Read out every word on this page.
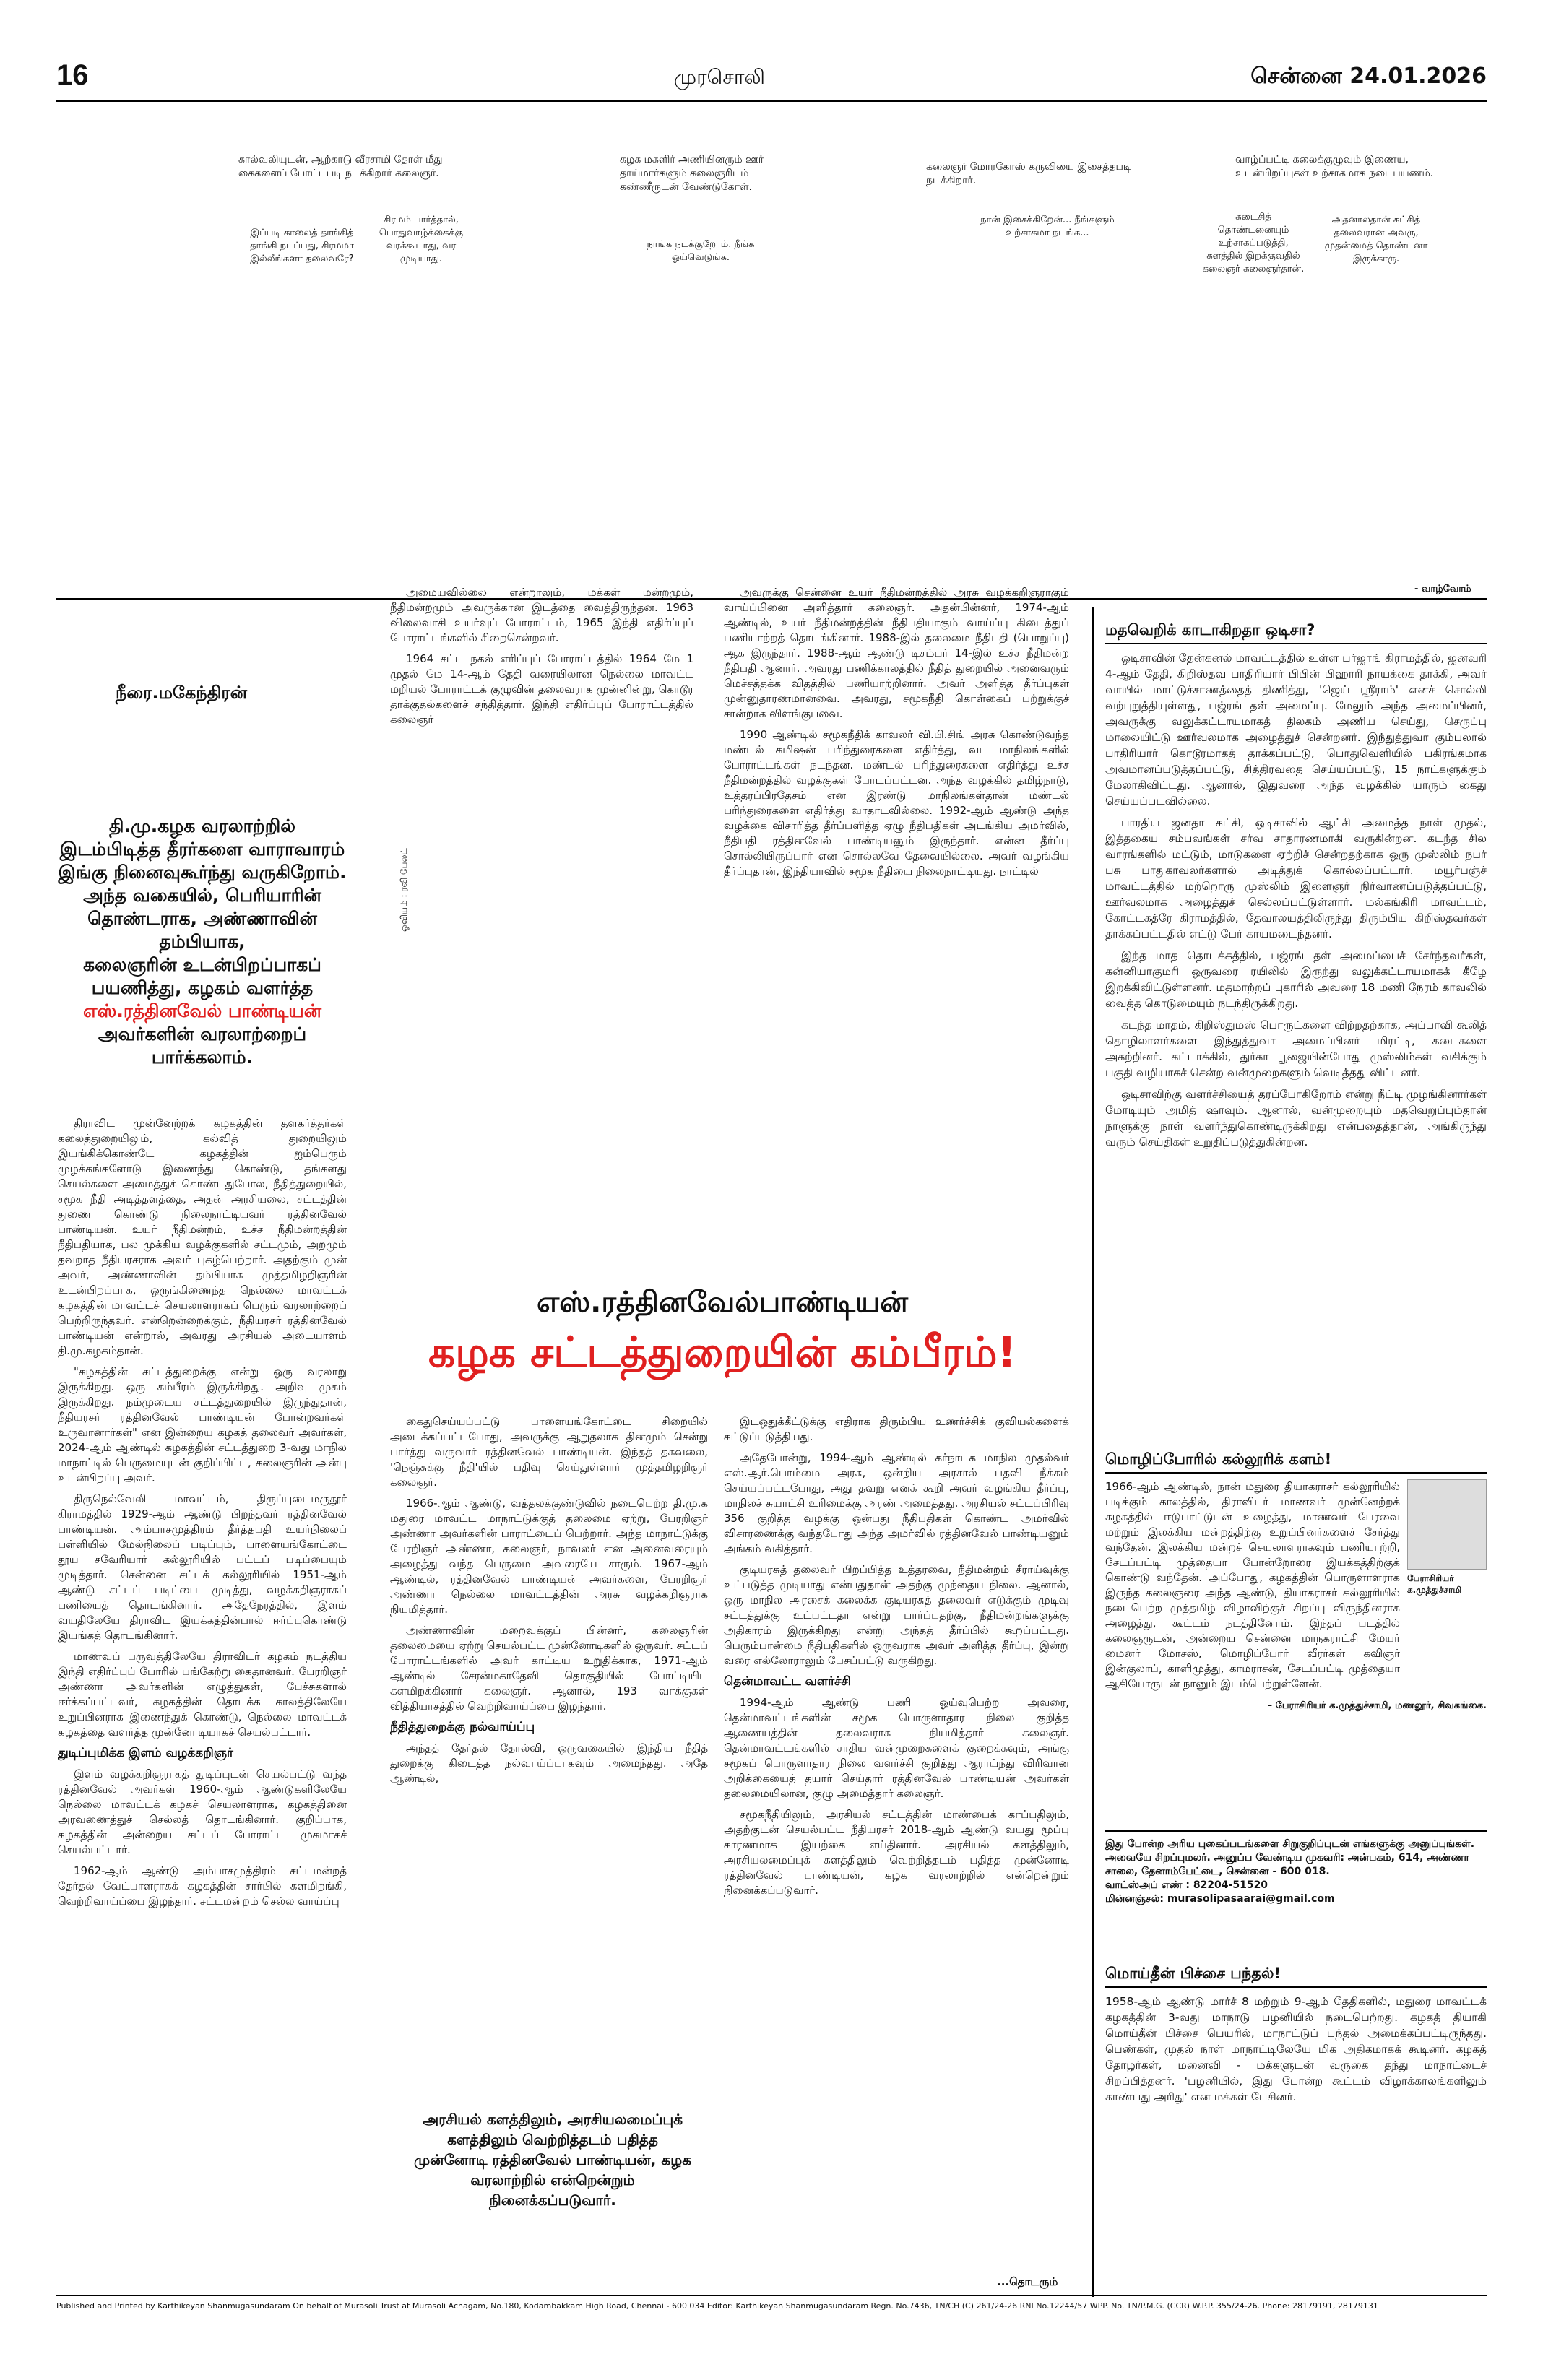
16	முரசொலி	சென்னை 24.01.2026
கால்வலியுடன், ஆற்காடு வீரசாமி தோள் மீது கைகளைப் போட்டபடி நடக்கிறார் கலைஞர்.
கழக மகளிர் அணியினரும் ஊர் தாய்மார்களும் கலைஞரிடம் கண்ணீருடன் வேண்டுகோள்.
கலைஞர் மோரகோஸ் கருவியை இசைத்தபடி நடக்கிறார்.
வாழ்ப்பட்டி கலைக்குழுவும் இணைய, உடன்பிறப்புகள் உற்சாகமாக நடைபயணம்.
இப்படி காலைத் தாங்கித் தாங்கி நடப்பது, சிரமமா இல்லீங்களா தலைவரே?
சிரமம் பார்த்தால், பொதுவாழ்க்கைக்கு வரக்கூடாது, வர முடியாது.
நாங்க நடக்குறோம். நீங்க ஓய்வெடுங்க.
நான் இசைக்கிறேன்... நீங்களும் உற்சாகமா நடங்க...
கடைசித் தொண்டனையும் உற்சாகப்படுத்தி, களத்தில் இறக்குவதில் கலைஞர் கலைஞர்தான்.
அதனாலதான் கட்சித் தலைவரான அவரு, முதன்மைத் தொண்டனா இருக்காரு.
- வாழ்வோம்
நீரை.மகேந்திரன்
தி.மு.கழக வரலாற்றில்
இடம்பிடித்த தீரர்களை வாராவாரம்
இங்கு நினைவுகூர்ந்து வருகிறோம்.
அந்த வகையில், பெரியாரின்
தொண்டராக, அண்ணாவின் தம்பியாக,
கலைஞரின் உடன்பிறப்பாகப்
பயணித்து, கழகம் வளர்த்த
எஸ்.ரத்தினவேல் பாண்டியன்
அவர்களின் வரலாற்றைப்
பார்க்கலாம்.
ஓவியம் : ரவி பேலட்

திராவிட முன்னேற்றக் கழகத்தின் தளகர்த்தர்கள் கலைத்துறையிலும், கல்வித் துறையிலும் இயங்கிக்கொண்டே கழகத்தின் ஐம்பெரும் முழக்கங்களோடு இணைந்து கொண்டு, தங்களது செயல்களை அமைத்துக் கொண்டதுபோல, நீதித்துறையில், சமூக நீதி அடித்தளத்தை, அதன் அரசியலை, சட்டத்தின் துணை கொண்டு நிலைநாட்டியவர் ரத்தினவேல் பாண்டியன். உயர் நீதிமன்றம், உச்ச நீதிமன்றத்தின் நீதிபதியாக, பல முக்கிய வழக்குகளில் சட்டமும், அறமும் தவறாத நீதியரசராக அவர் புகழ்பெற்றார். அதற்கும் முன் அவர், அண்ணாவின் தம்பியாக முத்தமிழறிஞரின் உடன்பிறப்பாக, ஒருங்கிணைந்த நெல்லை மாவட்டக் கழகத்தின் மாவட்டச் செயலாளராகப் பெரும் வரலாற்றைப் பெற்றிருந்தவர். என்றென்றைக்கும், நீதியரசர் ரத்தினவேல் பாண்டியன் என்றால், அவரது அரசியல் அடையாளம் தி.மு.கழகம்தான்.

"கழகத்தின் சட்டத்துறைக்கு என்று ஒரு வரலாறு இருக்கிறது. ஒரு கம்பீரம் இருக்கிறது. அறிவு முகம் இருக்கிறது. நம்முடைய சட்டத்துறையில் இருந்துதான், நீதியரசர் ரத்தினவேல் பாண்டியன் போன்றவர்கள் உருவானார்கள்" என இன்றைய கழகத் தலைவர் அவர்கள், 2024-ஆம் ஆண்டில் கழகத்தின் சட்டத்துறை 3-வது மாநில மாநாட்டில் பெருமையுடன் குறிப்பிட்ட, கலைஞரின் அன்பு உடன்பிறப்பு அவர்.

திருநெல்வேலி மாவட்டம், திருப்புடைமருதூர் கிராமத்தில் 1929-ஆம் ஆண்டு பிறந்தவர் ரத்தினவேல் பாண்டியன். அம்பாசமுத்திரம் தீர்த்தபதி உயர்நிலைப் பள்ளியில் மேல்நிலைப் படிப்பும், பாளையங்கோட்டை தூய சவேரியார் கல்லூரியில் பட்டப் படிப்பையும் முடித்தார். சென்னை சட்டக் கல்லூரியில் 1951-ஆம் ஆண்டு சட்டப் படிப்பை முடித்து, வழக்கறிஞராகப் பணியைத் தொடங்கினார். அதேநேரத்தில், இளம் வயதிலேயே திராவிட இயக்கத்தின்பால் ஈர்ப்புகொண்டு இயங்கத் தொடங்கினார்.

மாணவப் பருவத்திலேயே திராவிடர் கழகம் நடத்திய இந்தி எதிர்ப்புப் போரில் பங்கேற்று கைதானவர். பேரறிஞர் அண்ணா அவர்களின் எழுத்துகள், பேச்சுகளால் ஈர்க்கப்பட்டவர், கழகத்தின் தொடக்க காலத்திலேயே உறுப்பினராக இணைந்துக் கொண்டு, நெல்லை மாவட்டக் கழகத்தை வளர்த்த முன்னோடியாகச் செயல்பட்டார்.

துடிப்புமிக்க இளம் வழக்கறிஞர்

இளம் வழக்கறிஞராகத் துடிப்புடன் செயல்பட்டு வந்த ரத்தினவேல் அவர்கள் 1960-ஆம் ஆண்டுகளிலேயே நெல்லை மாவட்டக் கழகச் செயலாளராக, கழகத்தினை அரவணைத்துச் செல்லத் தொடங்கினார். குறிப்பாக, கழகத்தின் அன்றைய சட்டப் போராட்ட முகமாகச் செயல்பட்டார்.

1962-ஆம் ஆண்டு அம்பாசமுத்திரம் சட்டமன்றத் தேர்தல் வேட்பாளராகக் கழகத்தின் சார்பில் களமிறங்கி, வெற்றிவாய்ப்பை இழந்தார். சட்டமன்றம் செல்ல வாய்ப்பு

அமையவில்லை என்றாலும், மக்கள் மன்றமும், நீதிமன்றமும் அவருக்கான இடத்தை வைத்திருந்தன. 1963 விலைவாசி உயர்வுப் போராட்டம், 1965 இந்தி எதிர்ப்புப் போராட்டங்களில் சிறைசென்றவர்.

1964 சட்ட நகல் எரிப்புப் போராட்டத்தில் 1964 மே 1 முதல் மே 14-ஆம் தேதி வரையிலான நெல்லை மாவட்ட மறியல் போராட்டக் குழுவின் தலைவராக முன்னின்று, கொடூர தாக்குதல்களைச் சந்தித்தார். இந்தி எதிர்ப்புப் போராட்டத்தில் கலைஞர்

அவருக்கு சென்னை உயர் நீதிமன்றத்தில் அரசு வழக்கறிஞராகும் வாய்ப்பினை அளித்தார் கலைஞர். அதன்பின்னர், 1974-ஆம் ஆண்டில், உயர் நீதிமன்றத்தின் நீதிபதியாகும் வாய்ப்பு கிடைத்துப் பணியாற்றத் தொடங்கினார். 1988-இல் தலைமை நீதிபதி (பொறுப்பு) ஆக இருந்தார். 1988-ஆம் ஆண்டு டிசம்பர் 14-இல் உச்ச நீதிமன்ற நீதிபதி ஆனார். அவரது பணிக்காலத்தில் நீதித் துறையில் அனைவரும் மெச்சத்தக்க விதத்தில் பணியாற்றினார். அவர் அளித்த தீர்ப்புகள் முன்னுதாரணமானவை. அவரது, சமூகநீதி கொள்கைப் பற்றுக்குச் சான்றாக விளங்குபவை.

1990 ஆண்டில் சமூகநீதிக் காவலர் வி.பி.சிங் அரசு கொண்டுவந்த மண்டல் கமிஷன் பரிந்துரைகளை எதிர்த்து, வட மாநிலங்களில் போராட்டங்கள் நடந்தன. மண்டல் பரிந்துரைகளை எதிர்த்து உச்ச நீதிமன்றத்தில் வழக்குகள் போடப்பட்டன. அந்த வழக்கில் தமிழ்நாடு, உத்தரப்பிரதேசம் என இரண்டு மாநிலங்கள்தான் மண்டல் பரிந்துரைகளை எதிர்த்து வாதாடவில்லை. 1992-ஆம் ஆண்டு அந்த வழக்கை விசாரித்த தீர்ப்பளித்த ஏழு நீதிபதிகள் அடங்கிய அமர்வில், நீதிபதி ரத்தினவேல் பாண்டியனும் இருந்தார். என்ன தீர்ப்பு சொல்லியிருப்பார் என சொல்லவே தேவையில்லை. அவர் வழங்கிய தீர்ப்புதான், இந்தியாவில் சமூக நீதியை நிலைநாட்டியது. நாட்டில்

எஸ்.ரத்தினவேல்பாண்டியன்
கழக சட்டத்துறையின் கம்பீரம்!

கைதுசெய்யப்பட்டு பாளையங்கோட்டை சிறையில் அடைக்கப்பட்டபோது, அவருக்கு ஆறுதலாக தினமும் சென்று பார்த்து வருவார் ரத்தினவேல் பாண்டியன். இந்தத் தகவலை, 'நெஞ்சுக்கு நீதி'யில் பதிவு செய்துள்ளார் முத்தமிழறிஞர் கலைஞர்.

1966-ஆம் ஆண்டு, வத்தலக்குண்டுவில் நடைபெற்ற தி.மு.க மதுரை மாவட்ட மாநாட்டுக்குத் தலைமை ஏற்று, பேரறிஞர் அண்ணா அவர்களின் பாராட்டைப் பெற்றார். அந்த மாநாட்டுக்கு பேரறிஞர் அண்ணா, கலைஞர், நாவலர் என அனைவரையும் அழைத்து வந்த பெருமை அவரையே சாரும். 1967-ஆம் ஆண்டில், ரத்தினவேல் பாண்டியன் அவர்களை, பேரறிஞர் அண்ணா நெல்லை மாவட்டத்தின் அரசு வழக்கறிஞராக நியமித்தார்.

அண்ணாவின் மறைவுக்குப் பின்னர், கலைஞரின் தலைமையை ஏற்று செயல்பட்ட முன்னோடிகளில் ஒருவர். சட்டப் போராட்டங்களில் அவர் காட்டிய உறுதிக்காக, 1971-ஆம் ஆண்டில் சேரன்மகாதேவி தொகுதியில் போட்டியிட களமிறக்கினார் கலைஞர். ஆனால், 193 வாக்குகள் வித்தியாசத்தில் வெற்றிவாய்ப்பை இழந்தார்.

நீதித்துறைக்கு நல்வாய்ப்பு

அந்தத் தேர்தல் தோல்வி, ஒருவகையில் இந்திய நீதித் துறைக்கு கிடைத்த நல்வாய்ப்பாகவும் அமைந்தது. அதே ஆண்டில்,

அரசியல் களத்திலும், அரசியலமைப்புக் களத்திலும் வெற்றித்தடம் பதித்த முன்னோடி ரத்தினவேல் பாண்டியன், கழக வரலாற்றில் என்றென்றும் நினைக்கப்படுவார்.

இடஒதுக்கீட்டுக்கு எதிராக திரும்பிய உணர்ச்சிக் குவியல்களைக் கட்டுப்படுத்தியது.

அதேபோன்று, 1994-ஆம் ஆண்டில் கர்நாடக மாநில முதல்வர் எஸ்.ஆர்.பொம்மை அரசு, ஒன்றிய அரசால் பதவி நீக்கம் செய்யப்பட்டபோது, அது தவறு எனக் கூறி அவர் வழங்கிய தீர்ப்பு, மாநிலச் சுயாட்சி உரிமைக்கு அரண் அமைத்தது. அரசியல் சட்டப்பிரிவு 356 குறித்த வழக்கு ஒன்பது நீதிபதிகள் கொண்ட அமர்வில் விசாரணைக்கு வந்தபோது அந்த அமர்வில் ரத்தினவேல் பாண்டியனும் அங்கம் வகித்தார்.

குடியரசுத் தலைவர் பிறப்பித்த உத்தரவை, நீதிமன்றம் சீராய்வுக்கு உட்படுத்த முடியாது என்பதுதான் அதற்கு முந்தைய நிலை. ஆனால், ஒரு மாநில அரசைக் கலைக்க குடியரசுத் தலைவர் எடுக்கும் முடிவு சட்டத்துக்கு உட்பட்டதா என்று பார்ப்பதற்கு, நீதிமன்றங்களுக்கு அதிகாரம் இருக்கிறது என்று அந்தத் தீர்ப்பில் கூறப்பட்டது. பெரும்பான்மை நீதிபதிகளில் ஒருவராக அவர் அளித்த தீர்ப்பு, இன்று வரை எல்லோராலும் பேசப்பட்டு வருகிறது.

தென்மாவட்ட வளர்ச்சி

1994-ஆம் ஆண்டு பணி ஓய்வுபெற்ற அவரை, தென்மாவட்டங்களின் சமூக பொருளாதார நிலை குறித்த ஆணையத்தின் தலைவராக நியமித்தார் கலைஞர். தென்மாவட்டங்களில் சாதிய வன்முறைகளைக் குறைக்கவும், அங்கு சமூகப் பொருளாதார நிலை வளர்ச்சி குறித்து ஆராய்ந்து விரிவான அறிக்கையைத் தயார் செய்தார் ரத்தினவேல் பாண்டியன் அவர்கள் தலைமையிலான, குழு அமைத்தார் கலைஞர்.

சமூகநீதியிலும், அரசியல் சட்டத்தின் மாண்பைக் காப்பதிலும், அதற்குடன் செயல்பட்ட நீதியரசர் 2018-ஆம் ஆண்டு வயது மூப்பு காரணமாக இயற்கை எய்தினார். அரசியல் களத்திலும், அரசியலமைப்புக் களத்திலும் வெற்றித்தடம் பதித்த முன்னோடி ரத்தினவேல் பாண்டியன், கழக வரலாற்றில் என்றென்றும் நினைக்கப்படுவார்.

...தொடரும்
மதவெறிக் காடாகிறதா ஒடிசா?

ஒடிசாவின் தேன்கனல் மாவட்டத்தில் உள்ள பர்ஜாங் கிராமத்தில், ஜனவரி 4-ஆம் தேதி, கிறிஸ்தவ பாதிரியார் பிபின் பிஹாரி நாயக்கை தாக்கி, அவர் வாயில் மாட்டுச்சாணத்தைத் திணித்து, 'ஜெய் ஸ்ரீராம்' எனச் சொல்லி வற்புறுத்தியுள்ளது, பஜ்ரங் தள் அமைப்பு. மேலும் அந்த அமைப்பினர், அவருக்கு வலுக்கட்டாயமாகத் திலகம் அணிய செய்து, செருப்பு மாலையிட்டு ஊர்வலமாக அழைத்துச் சென்றனர். இந்துத்துவா கும்பலால் பாதிரியார் கொடூரமாகத் தாக்கப்பட்டு, பொதுவெளியில் பகிரங்கமாக அவமானப்படுத்தப்பட்டு, சித்திரவதை செய்யப்பட்டு, 15 நாட்களுக்கும் மேலாகிவிட்டது. ஆனால், இதுவரை அந்த வழக்கில் யாரும் கைது செய்யப்படவில்லை.

பாரதிய ஜனதா கட்சி, ஒடிசாவில் ஆட்சி அமைத்த நாள் முதல், இத்தகைய சம்பவங்கள் சர்வ சாதாரணமாகி வருகின்றன. கடந்த சில வாரங்களில் மட்டும், மாடுகளை ஏற்றிச் சென்றதற்காக ஒரு முஸ்லிம் நபர் பசு பாதுகாவலர்களால் அடித்துக் கொல்லப்பட்டார். மயூர்பஞ்ச் மாவட்டத்தில் மற்றொரு முஸ்லிம் இளைஞர் நிர்வாணப்படுத்தப்பட்டு, ஊர்வலமாக அழைத்துச் செல்லப்பட்டுள்ளார். மல்கங்கிரி மாவட்டம், கோட்டகத்ரே கிராமத்தில், தேவாலயத்திலிருந்து திரும்பிய கிறிஸ்தவர்கள் தாக்கப்பட்டதில் எட்டு பேர் காயமடைந்தனர்.

இந்த மாத தொடக்கத்தில், பஜ்ரங் தள் அமைப்பைச் சேர்ந்தவர்கள், கன்னியாகுமரி ஒருவரை ரயிலில் இருந்து வலுக்கட்டாயமாகக் கீழே இறக்கிவிட்டுள்ளனர். மதமாற்றப் புகாரில் அவரை 18 மணி நேரம் காவலில் வைத்த கொடுமையும் நடந்திருக்கிறது.

கடந்த மாதம், கிறிஸ்துமஸ் பொருட்களை விற்றதற்காக, அப்பாவி கூலித் தொழிலாளர்களை இந்துத்துவா அமைப்பினர் மிரட்டி, கடைகளை அகற்றினர். கட்டாக்கில், துர்கா பூஜையின்போது முஸ்லிம்கள் வசிக்கும் பகுதி வழியாகச் சென்ற வன்முறைகளும் வெடித்தது விட்டனர்.

ஒடிசாவிற்கு வளர்ச்சியைத் தரப்போகிறோம் என்று நீட்டி முழங்கினார்கள் மோடியும் அமித் ஷாவும். ஆனால், வன்முறையும் மதவெறுப்பும்தான் நாளுக்கு நாள் வளர்ந்துகொண்டிருக்கிறது என்பதைத்தான், அங்கிருந்து வரும் செய்திகள் உறுதிப்படுத்துகின்றன.

மொழிப்போரில் கல்லூரிக் களம்!

1966-ஆம் ஆண்டில், நான் மதுரை தியாகராசர் கல்லூரியில் படிக்கும் காலத்தில், திராவிடர் மாணவர் முன்னேற்றக் கழகத்தில் ஈடுபாட்டுடன் உழைத்து, மாணவர் பேரவை மற்றும் இலக்கிய மன்றத்திற்கு உறுப்பினர்களைச் சேர்த்து வந்தேன். இலக்கிய மன்றச் செயலாளராகவும் பணியாற்றி, சேடப்பட்டி முத்தையா போன்றோரை இயக்கத்திற்குக் கொண்டு வந்தேன். அப்போது, கழகத்தின் பொருளாளராக இருந்த கலைஞரை அந்த ஆண்டு, தியாகராசர் கல்லூரியில் நடைபெற்ற முத்தமிழ் விழாவிற்குச் சிறப்பு விருந்தினராக அழைத்து, கூட்டம் நடத்தினோம். இந்தப் படத்தில் கலைஞருடன், அன்றைய சென்னை மாநகராட்சி மேயர் மைனர் மோசஸ், மொழிப்போர் வீரர்கள் கவிஞர் இன்குலாப், காளிமுத்து, காமராசன், சேடப்பட்டி முத்தையா ஆகியோருடன் நானும் இடம்பெற்றுள்ளேன்.

பேராசிரியர் க.முத்துச்சாமி
– பேராசிரியர் க.முத்துச்சாமி, மணலூர், சிவகங்கை.
இது போன்ற அரிய புகைப்படங்களை சிறுகுறிப்புடன் எங்களுக்கு அனுப்புங்கள். அவையே சிறப்புமலர். அனுப்ப வேண்டிய முகவரி: அன்பகம், 614, அண்ணா சாலை, தேனாம்பேட்டை, சென்னை - 600 018.
வாட்ஸ்அப் எண் : 82204-51520
மின்னஞ்சல்: murasolipasaarai@gmail.com
மொய்தீன் பிச்சை பந்தல்!

1958-ஆம் ஆண்டு மார்ச் 8 மற்றும் 9-ஆம் தேதிகளில், மதுரை மாவட்டக் கழகத்தின் 3-வது மாநாடு பழனியில் நடைபெற்றது. கழகத் தியாகி மொய்தீன் பிச்சை பெயரில், மாநாட்டுப் பந்தல் அமைக்கப்பட்டிருந்தது. பெண்கள், முதல் நாள் மாநாட்டிலேயே மிக அதிகமாகக் கூடினர். கழகத் தோழர்கள், மனைவி - மக்களுடன் வருகை தந்து மாநாட்டைச் சிறப்பித்தனர். 'பழனியில், இது போன்ற கூட்டம் விழாக்காலங்களிலும் காண்பது அரிது' என மக்கள் பேசினர்.

Published and Printed by Karthikeyan Shanmugasundaram On behalf of Murasoli Trust at Murasoli Achagam, No.180, Kodambakkam High Road, Chennai - 600 034 Editor: Karthikeyan Shanmugasundaram Regn. No.7436, TN/CH (C) 261/24-26 RNI No.12244/57 WPP. No. TN/P.M.G. (CCR) W.P.P. 355/24-26. Phone: 28179191, 28179131
